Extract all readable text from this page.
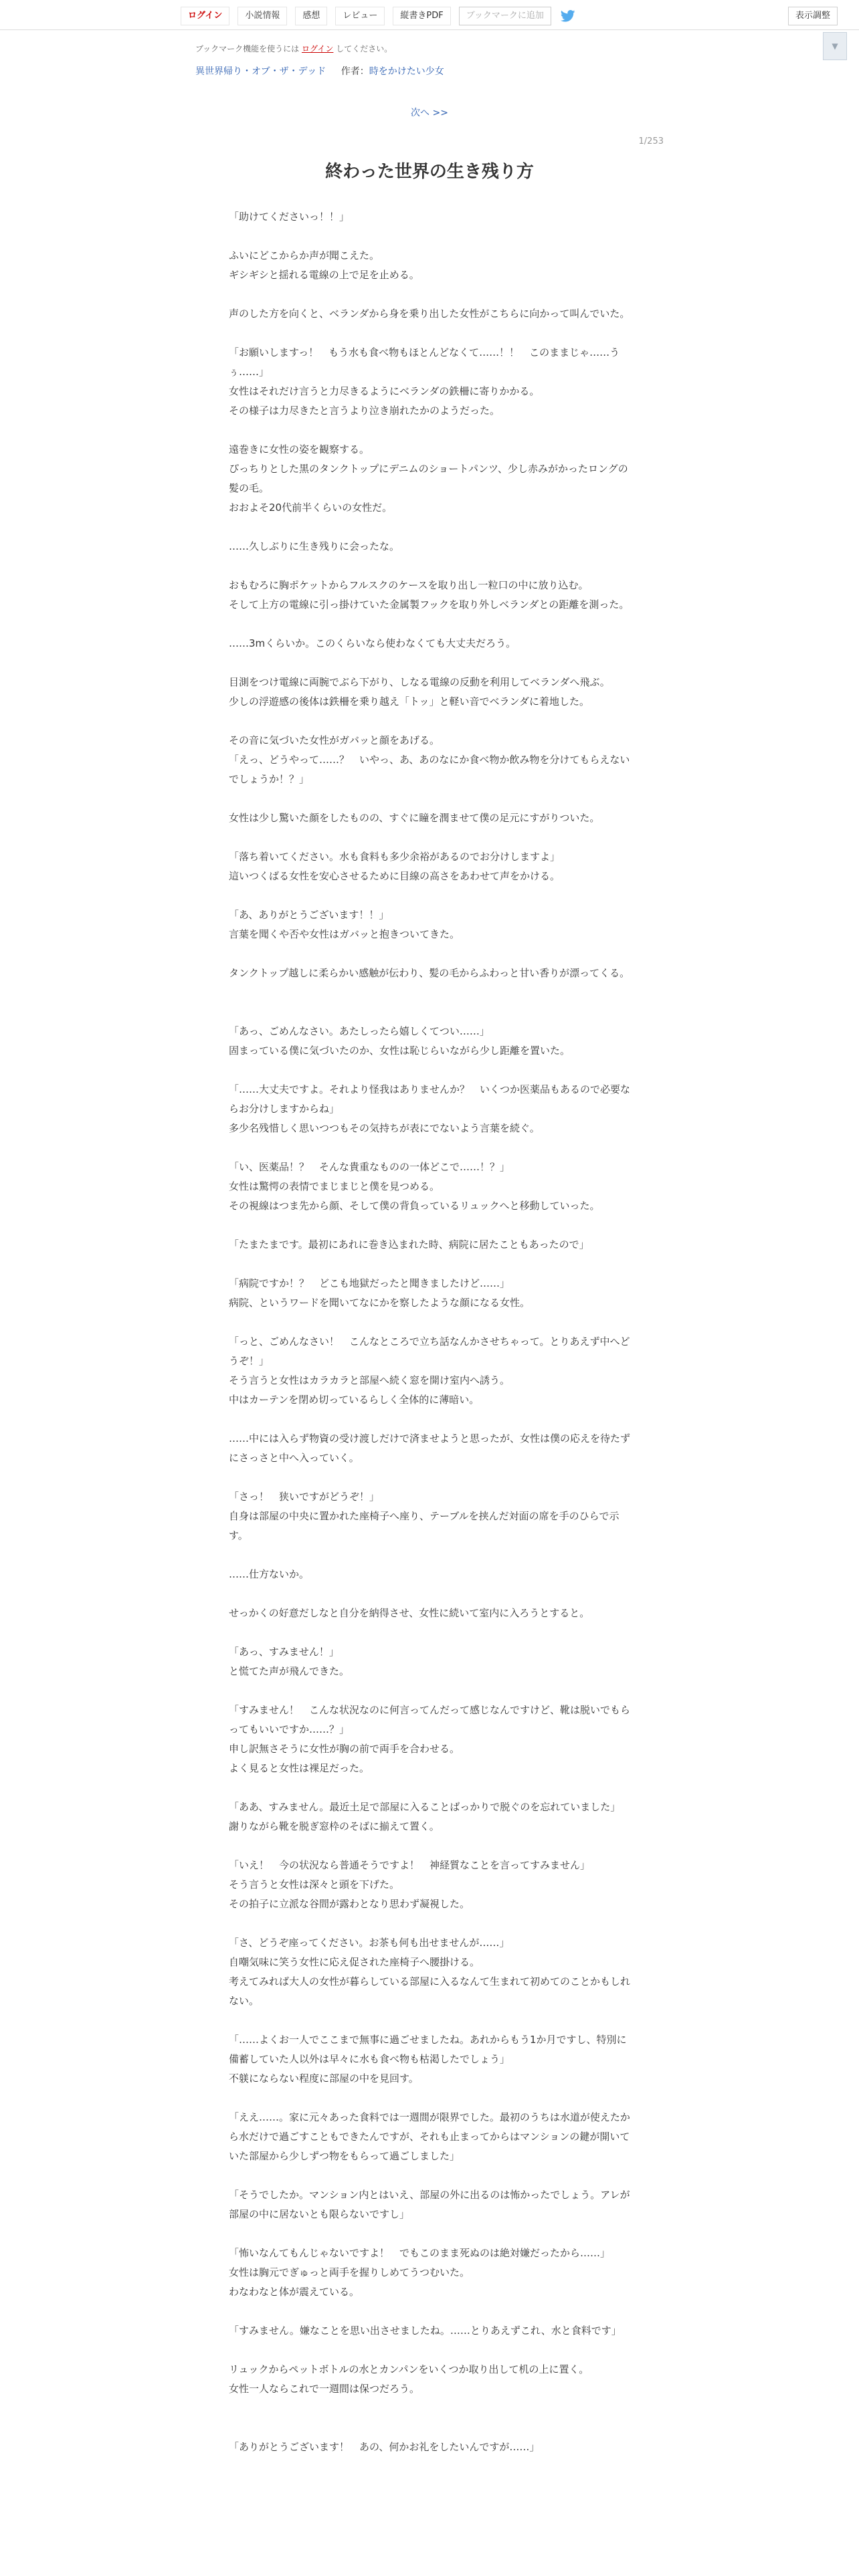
ログイン	小説情報	感想	レビュー	縦書きPDF	ブックマークに追加	表示調整
▼
ブックマーク機能を使うには ログイン してください。
異世界帰り・オブ・ザ・デッド 作者：時をかけたい少女
次へ >>
1/253
終わった世界の生き残り方

「助けてくださいっ！！」

ふいにどこからか声が聞こえた。

ギシギシと揺れる電線の上で足を止める。

声のした方を向くと、ベランダから身を乗り出した女性がこちらに向かって叫んでいた。

「お願いしますっ！　もう水も食べ物もほとんどなくて……！！　このままじゃ……うぅ……」

女性はそれだけ言うと力尽きるようにベランダの鉄柵に寄りかかる。

その様子は力尽きたと言うより泣き崩れたかのようだった。

遠巻きに女性の姿を観察する。

ぴっちりとした黒のタンクトップにデニムのショートパンツ、少し赤みがかったロングの髪の毛。

おおよそ20代前半くらいの女性だ。

……久しぶりに生き残りに会ったな。

おもむろに胸ポケットからフルスクのケースを取り出し一粒口の中に放り込む。

そして上方の電線に引っ掛けていた金属製フックを取り外しベランダとの距離を測った。

……3mくらいか。このくらいなら使わなくても大丈夫だろう。

目測をつけ電線に両腕でぶら下がり、しなる電線の反動を利用してベランダへ飛ぶ。

少しの浮遊感の後体は鉄柵を乗り越え「トッ」と軽い音でベランダに着地した。

その音に気づいた女性がガバッと顔をあげる。

「えっ、どうやって……？　いやっ、あ、あのなにか食べ物か飲み物を分けてもらえないでしょうか！？」

女性は少し驚いた顔をしたものの、すぐに瞳を潤ませて僕の足元にすがりついた。

「落ち着いてください。水も食料も多少余裕があるのでお分けしますよ」

這いつくばる女性を安心させるために目線の高さをあわせて声をかける。

「あ、ありがとうございます！！」

言葉を聞くや否や女性はガバッと抱きついてきた。

タンクトップ越しに柔らかい感触が伝わり、髪の毛からふわっと甘い香りが漂ってくる。

「あっ、ごめんなさい。あたしったら嬉しくてつい……」

固まっている僕に気づいたのか、女性は恥じらいながら少し距離を置いた。

「……大丈夫ですよ。それより怪我はありませんか？　いくつか医薬品もあるので必要ならお分けしますからね」

多少名残惜しく思いつつもその気持ちが表にでないよう言葉を続ぐ。

「い、医薬品！？　そんな貴重なものの一体どこで……！？」

女性は驚愕の表情でまじまじと僕を見つめる。

その視線はつま先から顔、そして僕の背負っているリュックへと移動していった。

「たまたまです。最初にあれに巻き込まれた時、病院に居たこともあったので」

「病院ですか！？　どこも地獄だったと聞きましたけど……」

病院、というワードを聞いてなにかを察したような顔になる女性。

「っと、ごめんなさい！　こんなところで立ち話なんかさせちゃって。とりあえず中へどうぞ！」

そう言うと女性はカラカラと部屋へ続く窓を開け室内へ誘う。

中はカーテンを閉め切っているらしく全体的に薄暗い。

……中には入らず物資の受け渡しだけで済ませようと思ったが、女性は僕の応えを待たずにさっさと中へ入っていく。

「さっ！　狭いですがどうぞ！」

自身は部屋の中央に置かれた座椅子へ座り、テーブルを挟んだ対面の席を手のひらで示す。

……仕方ないか。

せっかくの好意だしなと自分を納得させ、女性に続いて室内に入ろうとすると。

「あっ、すみません！」

と慌てた声が飛んできた。

「すみません！　こんな状況なのに何言ってんだって感じなんですけど、靴は脱いでもらってもいいですか……？」

申し訳無さそうに女性が胸の前で両手を合わせる。

よく見ると女性は裸足だった。

「ああ、すみません。最近土足で部屋に入ることばっかりで脱ぐのを忘れていました」

謝りながら靴を脱ぎ窓枠のそばに揃えて置く。

「いえ！　今の状況なら普通そうですよ！　神経質なことを言ってすみません」

そう言うと女性は深々と頭を下げた。

その拍子に立派な谷間が露わとなり思わず凝視した。

「さ、どうぞ座ってください。お茶も何も出せませんが……」

自嘲気味に笑う女性に応え促された座椅子へ腰掛ける。

考えてみれば大人の女性が暮らしている部屋に入るなんて生まれて初めてのことかもしれない。

「……よくお一人でここまで無事に過ごせましたね。あれからもう1か月ですし、特別に備蓄していた人以外は早々に水も食べ物も枯渇したでしょう」

不躾にならない程度に部屋の中を見回す。

「ええ……。家に元々あった食料では一週間が限界でした。最初のうちは水道が使えたから水だけで過ごすこともできたんですが、それも止まってからはマンションの鍵が開いていた部屋から少しずつ物をもらって過ごしました」

「そうでしたか。マンション内とはいえ、部屋の外に出るのは怖かったでしょう。アレが部屋の中に居ないとも限らないですし」

「怖いなんてもんじゃないですよ！　でもこのまま死ぬのは絶対嫌だったから……」

女性は胸元でぎゅっと両手を握りしめてうつむいた。

わなわなと体が震えている。

「すみません。嫌なことを思い出させましたね。……とりあえずこれ、水と食料です」

リュックからペットボトルの水とカンパンをいくつか取り出して机の上に置く。

女性一人ならこれで一週間は保つだろう。

「ありがとうございます！　あの、何かお礼をしたいんですが……」
